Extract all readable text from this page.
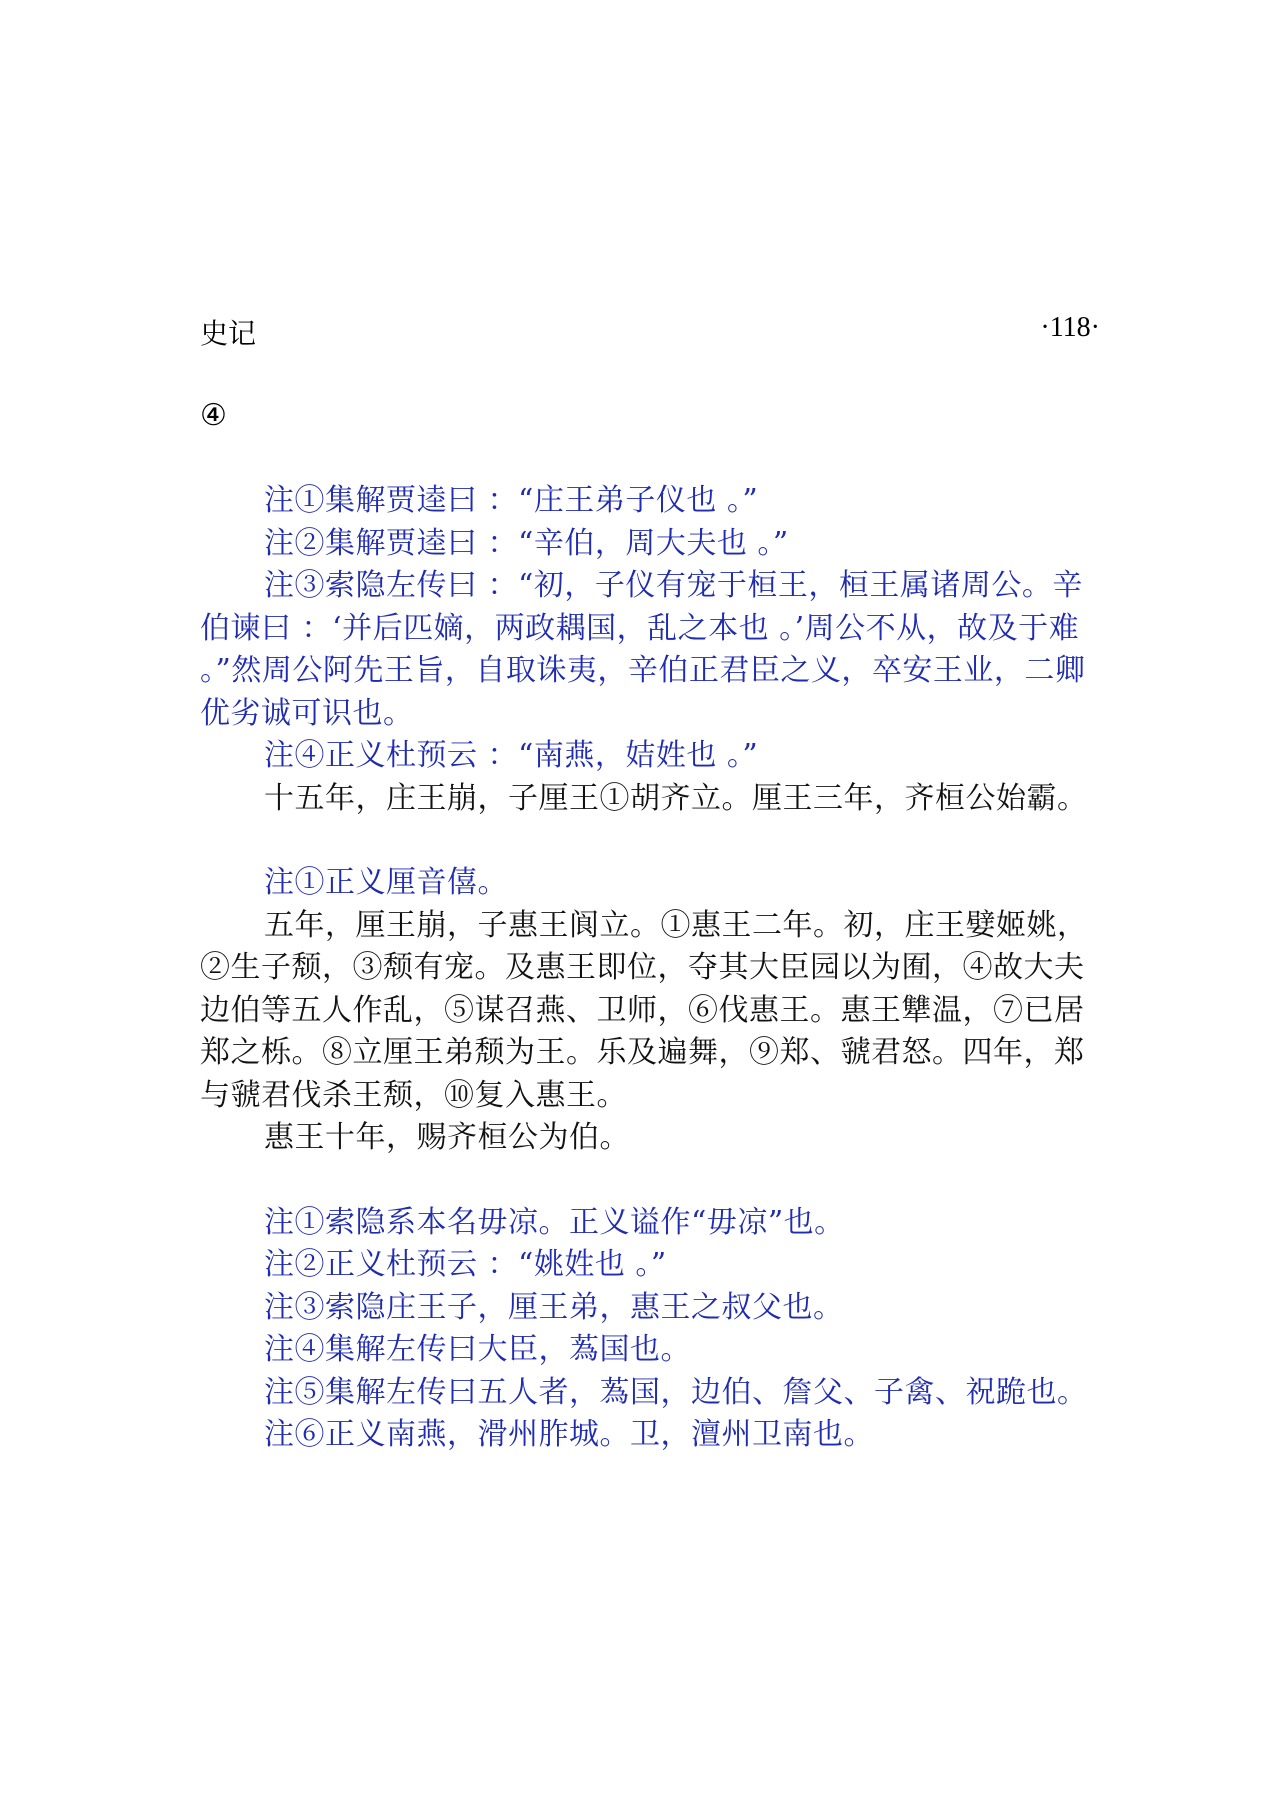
史记	·118·
④

注①集解贾逵曰 ：“庄王弟子仪也 。”

注②集解贾逵曰 ：“辛伯，周大夫也 。”

注③索隐左传曰 ：“初，子仪有宠于桓王，桓王属诸周公。辛伯谏曰 ：‘并后匹嫡，两政耦国，乱之本也 。’周公不从，故及于难 。”然周公阿先王旨，自取诛夷，辛伯正君臣之义，卒安王业，二卿优劣诚可识也。

注④正义杜预云 ：“南燕，姞姓也 。”

十五年，庄王崩，子厘王①胡齐立。厘王三年，齐桓公始霸。

注①正义厘音僖。

五年，厘王崩，子惠王阆立。①惠王二年。初，庄王嬖姬姚，②生子颓，③颓有宠。及惠王即位，夺其大臣园以为囿，④故大夫边伯等五人作乱，⑤谋召燕、卫师，⑥伐惠王。惠王犨温，⑦已居郑之栎。⑧立厘王弟颓为王。乐及遍舞，⑨郑、虢君怒。四年，郑与虢君伐杀王颓，⑩复入惠王。

惠王十年，赐齐桓公为伯。

注①索隐系本名毋凉。正义谥作“毋凉”也。

注②正义杜预云 ：“姚姓也 。”

注③索隐庄王子，厘王弟，惠王之叔父也。

注④集解左传曰大臣，蒍国也。

注⑤集解左传曰五人者，蒍国，边伯、詹父、子禽、祝跪也。

注⑥正义南燕，滑州胙城。卫，澶州卫南也。
